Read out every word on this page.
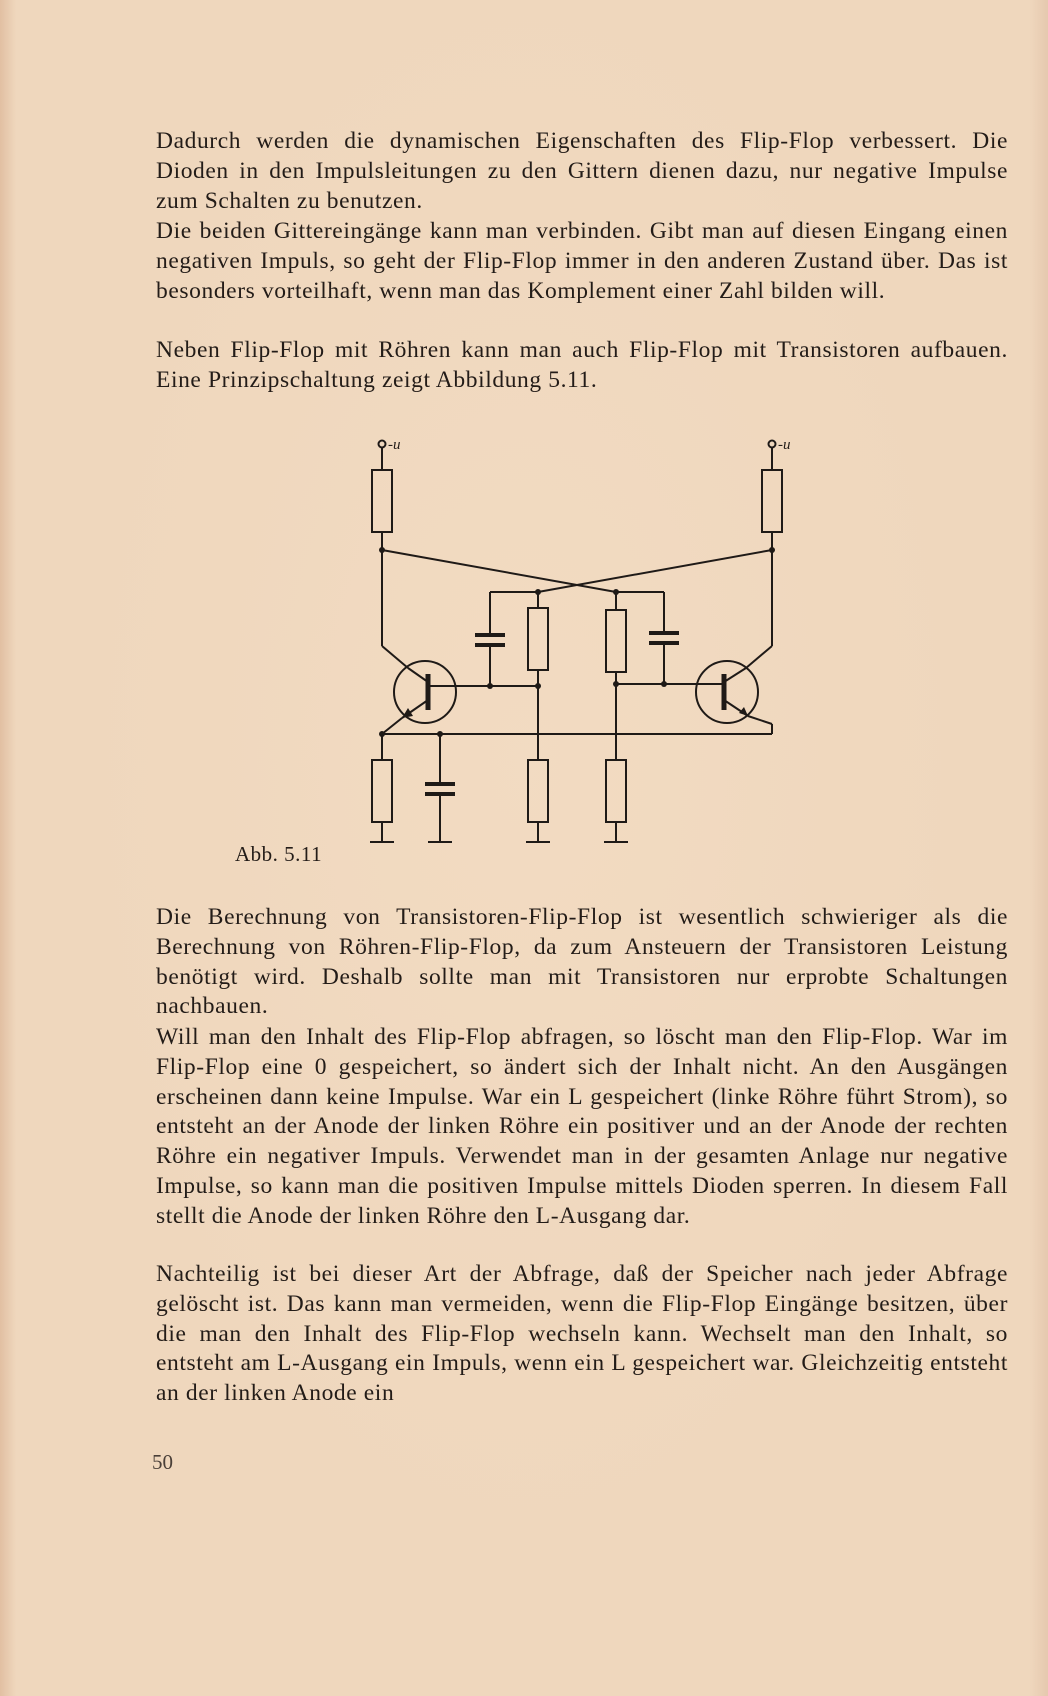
Dadurch werden die dynamischen Eigenschaften des Flip-Flop verbessert. Die Dioden in den Impulsleitungen zu den Gittern dienen dazu, nur negative Impulse zum Schalten zu benutzen.

Die beiden Gittereingänge kann man verbinden. Gibt man auf diesen Eingang einen negativen Impuls, so geht der Flip-Flop immer in den anderen Zustand über. Das ist besonders vorteilhaft, wenn man das Komplement einer Zahl bilden will.

Neben Flip-Flop mit Röhren kann man auch Flip-Flop mit Transistoren aufbauen. Eine Prinzipschaltung zeigt Abbildung 5.11.

-u	-u
Abb. 5.11

Die Berechnung von Transistoren-Flip-Flop ist wesentlich schwieriger als die Berechnung von Röhren-Flip-Flop, da zum Ansteuern der Transistoren Leistung benötigt wird. Deshalb sollte man mit Transistoren nur erprobte Schaltungen nachbauen.

Will man den Inhalt des Flip-Flop abfragen, so löscht man den Flip-Flop. War im Flip-Flop eine 0 gespeichert, so ändert sich der Inhalt nicht. An den Ausgängen erscheinen dann keine Impulse. War ein L gespeichert (linke Röhre führt Strom), so entsteht an der Anode der linken Röhre ein positiver und an der Anode der rechten Röhre ein negativer Impuls. Verwendet man in der gesamten Anlage nur negative Impulse, so kann man die positiven Impulse mittels Dioden sperren. In diesem Fall stellt die Anode der linken Röhre den L-Ausgang dar.

Nachteilig ist bei dieser Art der Abfrage, daß der Speicher nach jeder Abfrage gelöscht ist. Das kann man vermeiden, wenn die Flip-Flop Eingänge besitzen, über die man den Inhalt des Flip-Flop wechseln kann. Wechselt man den Inhalt, so entsteht am L-Ausgang ein Impuls, wenn ein L gespeichert war. Gleichzeitig entsteht an der linken Anode ein

50
